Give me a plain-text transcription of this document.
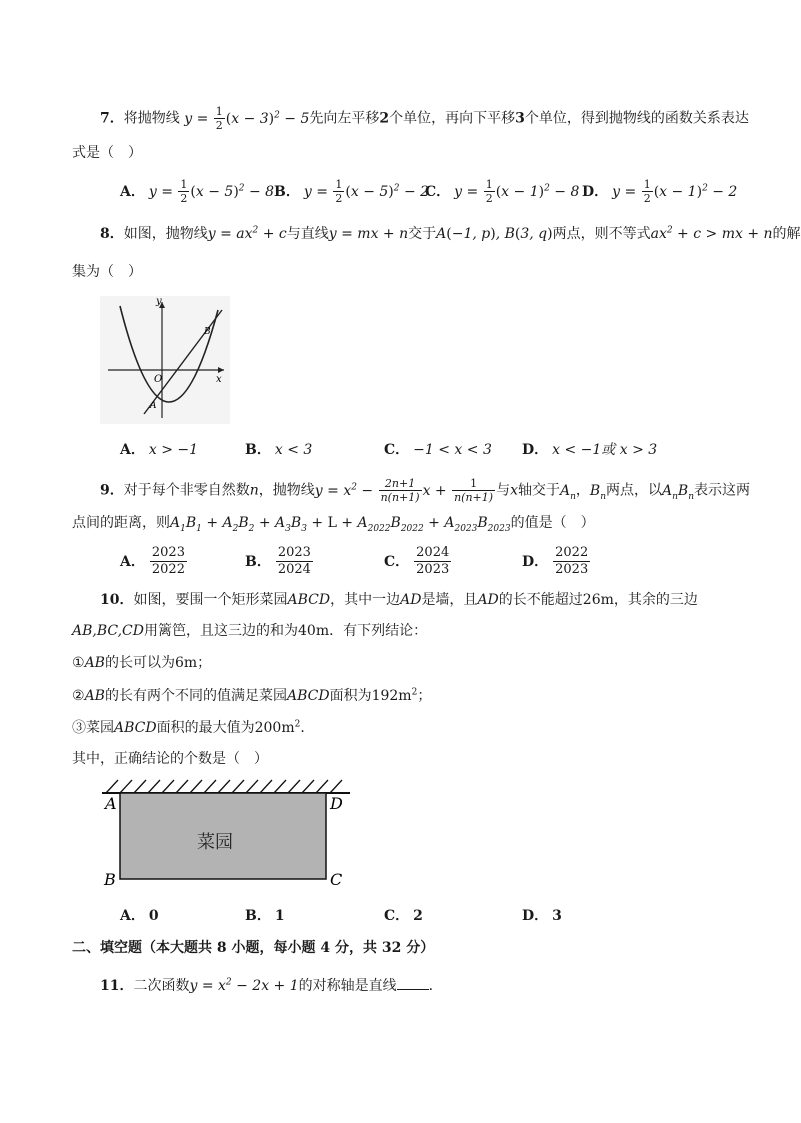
7．将抛物线 $y = \frac{1}{2} (x - 3)^2 - 5$先向左平移2个单位，再向下平移3个单位，得到抛物线的函数关系表达
式是（　）
A． $y = \frac{1}{2} (x - 5)^2 - 8$ B． $y = \frac{1}{2} (x - 5)^2 - 2$
C． $y = \frac{1}{2} (x - 1)^2 - 8$ D． $y = \frac{1}{2} (x - 1)^2 - 2$
8．如图，抛物线$y = ax^2 + c$与直线y = mx + n交于A(−1, p), B(3, q)两点，则不等式$ax^2 + c$ > mx + n的解
集为（　）
y
x
O
A
B
A． x > −1	B． x < 3	C． −1 < x < 3 D． x < −1或 x > 3
9．对于每个非零自然数n，抛物线$y = x^2 - \frac{2n+1}{n(n+1)}$ $x + \frac{1}{n(n+1)}$ 与x轴交于$A_n$，$B_n$两点，以$A_nB_n$表示这两
点间的距离，则$A_1B_1 + A_2B_2 + A_3B_3 + L + A_{2022}B_{2022} + A_{2023}B_{2023}$的值是（　）
A． $\frac{2023}{2022}$	B． $\frac{2023}{2024}$	C． $\frac{2024}{2023}$	D． $\frac{2022}{2023}$
10．如图，要围一个矩形菜园ABCD，其中一边AD是墙，且AD的长不能超过26m，其余的三边
AB,BC,CD用篱笆，且这三边的和为40m．有下列结论：
①AB的长可以为6m；
②AB的长有两个不同的值满足菜园ABCD面积为$192m^2$；
③菜园ABCD面积的最大值为$200m^2$．
其中，正确结论的个数是（　）
菜园
A
B	C
D
A． 0	B． 1	C． 2	D． 3
二、填空题（本大题共 8 小题，每小题 4 分，共 32 分）
11．二次函数$y = x^2 - 2x + 1$的对称轴是直线 ．
